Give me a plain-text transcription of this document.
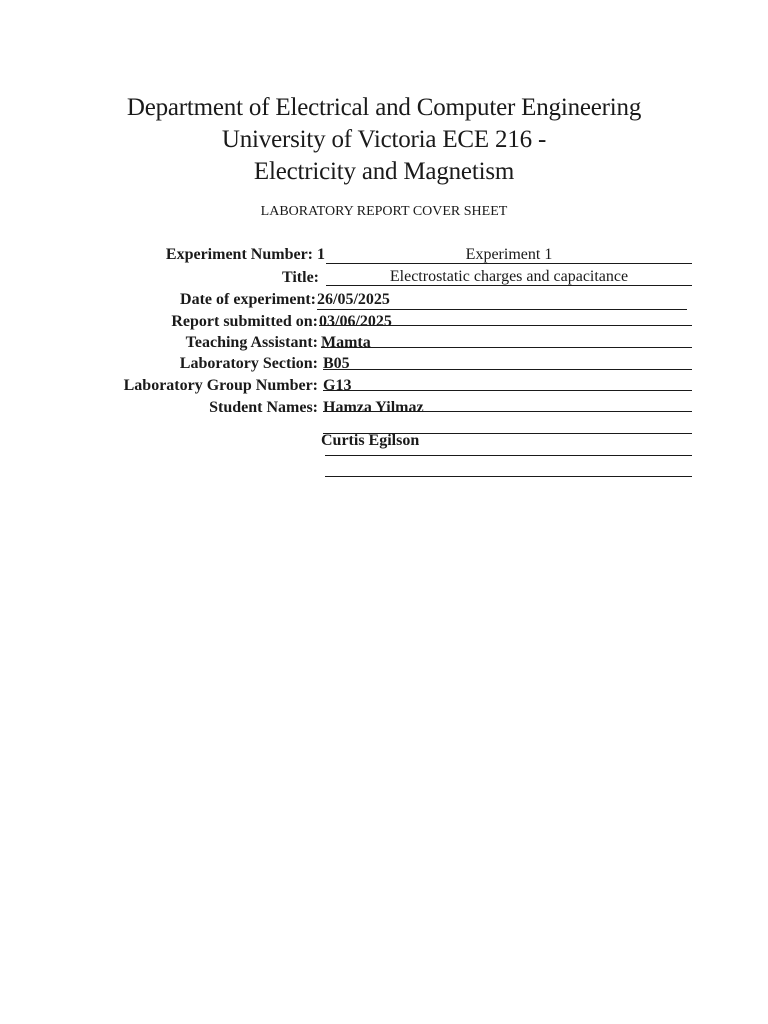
Department of Electrical and Computer Engineering
University of Victoria ECE 216 -
Electricity and Magnetism
LABORATORY REPORT COVER SHEET
Experiment Number: 1	Experiment 1
Title:	Electrostatic charges and capacitance
Date of experiment: 26/05/2025
Report submitted on: 03/06/2025
Teaching Assistant: Mamta
Laboratory Section: B05
Laboratory Group Number: G13
Student Names: Hamza Yilmaz
Curtis Egilson
